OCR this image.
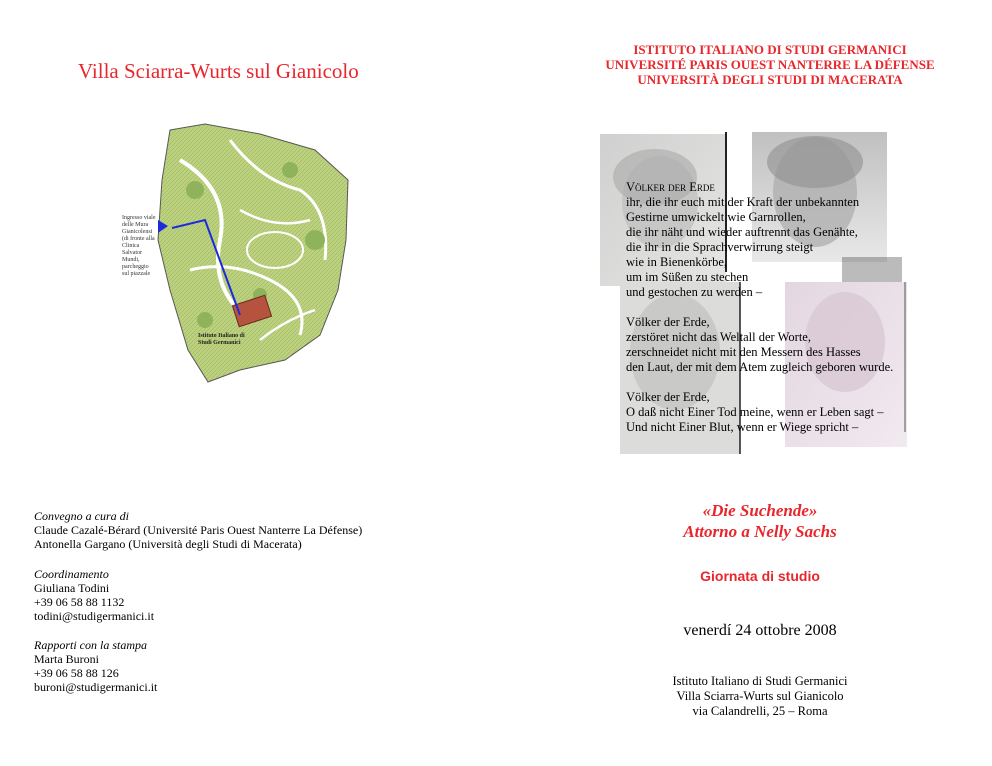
Villa Sciarra-Wurts sul Gianicolo
Ingresso viale delle Mura Gianicolensi (di fronte alla Clinica Salvator Mundi, parcheggio sul piazzale
Istituto Italiano di Studi Germanici
Convegno a cura di
Claude Cazalé-Bérard (Université Paris Ouest Nanterre La Défense)
Antonella Gargano (Università degli Studi di Macerata)
Coordinamento
Giuliana Todini
+39 06 58 88 1132
todini@studigermanici.it
Rapporti con la stampa
Marta Buroni
+39 06 58 88 126
buroni@studigermanici.it
ISTITUTO ITALIANO DI STUDI GERMANICI
UNIVERSITÉ PARIS OUEST NANTERRE LA DÉFENSE
UNIVERSITÀ DEGLI STUDI DI MACERATA
Völker der Erde
ihr, die ihr euch mit der Kraft der unbekannten
Gestirne umwickelt wie Garnrollen,
die ihr näht und wieder auftrennt das Genähte,
die ihr in die Sprachverwirrung steigt
wie in Bienenkörbe,
um im Süßen zu stechen
und gestochen zu werden –
Völker der Erde,
zerstöret nicht das Weltall der Worte,
zerschneidet nicht mit den Messern des Hasses
den Laut, der mit dem Atem zugleich geboren wurde.
Völker der Erde,
O daß nicht Einer Tod meine, wenn er Leben sagt –
Und nicht Einer Blut, wenn er Wiege spricht –
«Die Suchende»
Attorno a Nelly Sachs
Giornata di studio
venerdí 24 ottobre 2008
Istituto Italiano di Studi Germanici
Villa Sciarra-Wurts sul Gianicolo
via Calandrelli, 25 – Roma
